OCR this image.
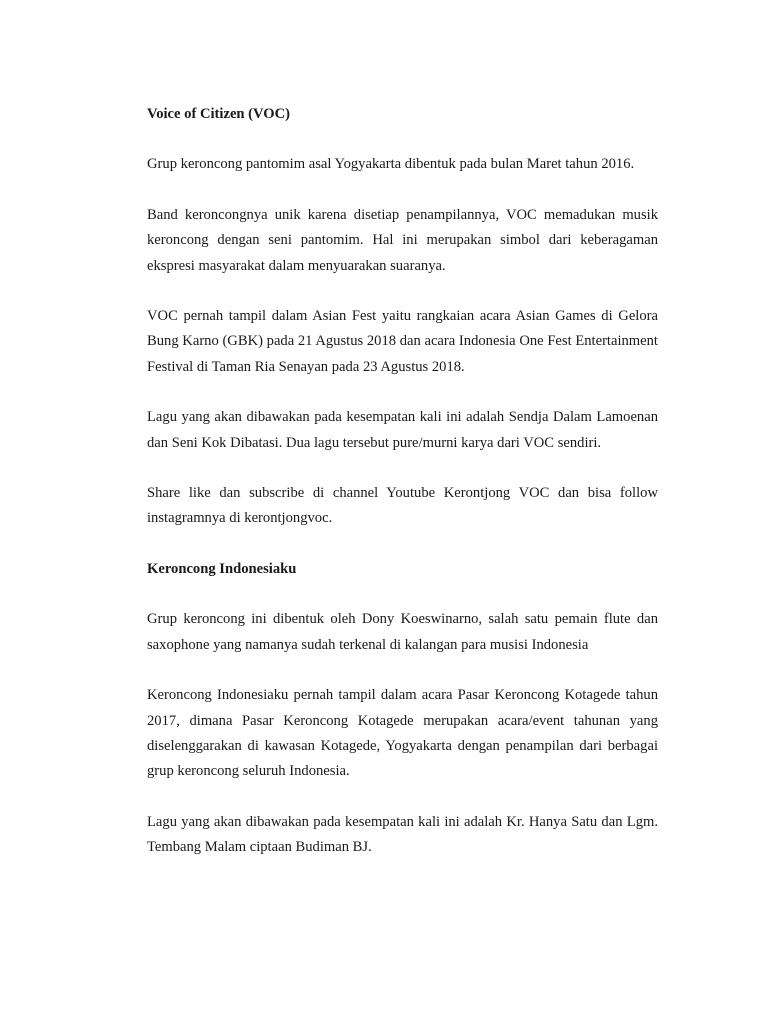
Voice of Citizen (VOC)

Grup keroncong pantomim asal Yogyakarta dibentuk pada bulan Maret tahun 2016.

Band keroncongnya unik karena disetiap penampilannya, VOC memadukan musik keroncong dengan seni pantomim. Hal ini merupakan simbol dari keberagaman ekspresi masyarakat dalam menyuarakan suaranya.

VOC pernah tampil dalam Asian Fest yaitu rangkaian acara Asian Games di Gelora Bung Karno (GBK) pada 21 Agustus 2018 dan acara Indonesia One Fest Entertainment Festival di Taman Ria Senayan pada 23 Agustus 2018.

Lagu yang akan dibawakan pada kesempatan kali ini adalah Sendja Dalam Lamoenan dan Seni Kok Dibatasi. Dua lagu tersebut pure/murni karya dari VOC sendiri.

Share like dan subscribe di channel Youtube Kerontjong VOC dan bisa follow instagramnya di kerontjongvoc.

Keroncong Indonesiaku

Grup keroncong ini dibentuk oleh Dony Koeswinarno, salah satu pemain flute dan saxophone yang namanya sudah terkenal di kalangan para musisi Indonesia

Keroncong Indonesiaku pernah tampil dalam acara Pasar Keroncong Kotagede tahun 2017, dimana Pasar Keroncong Kotagede merupakan acara/event tahunan yang diselenggarakan di kawasan Kotagede, Yogyakarta dengan penampilan dari berbagai grup keroncong seluruh Indonesia.

Lagu yang akan dibawakan pada kesempatan kali ini adalah Kr. Hanya Satu dan Lgm. Tembang Malam ciptaan Budiman BJ.
